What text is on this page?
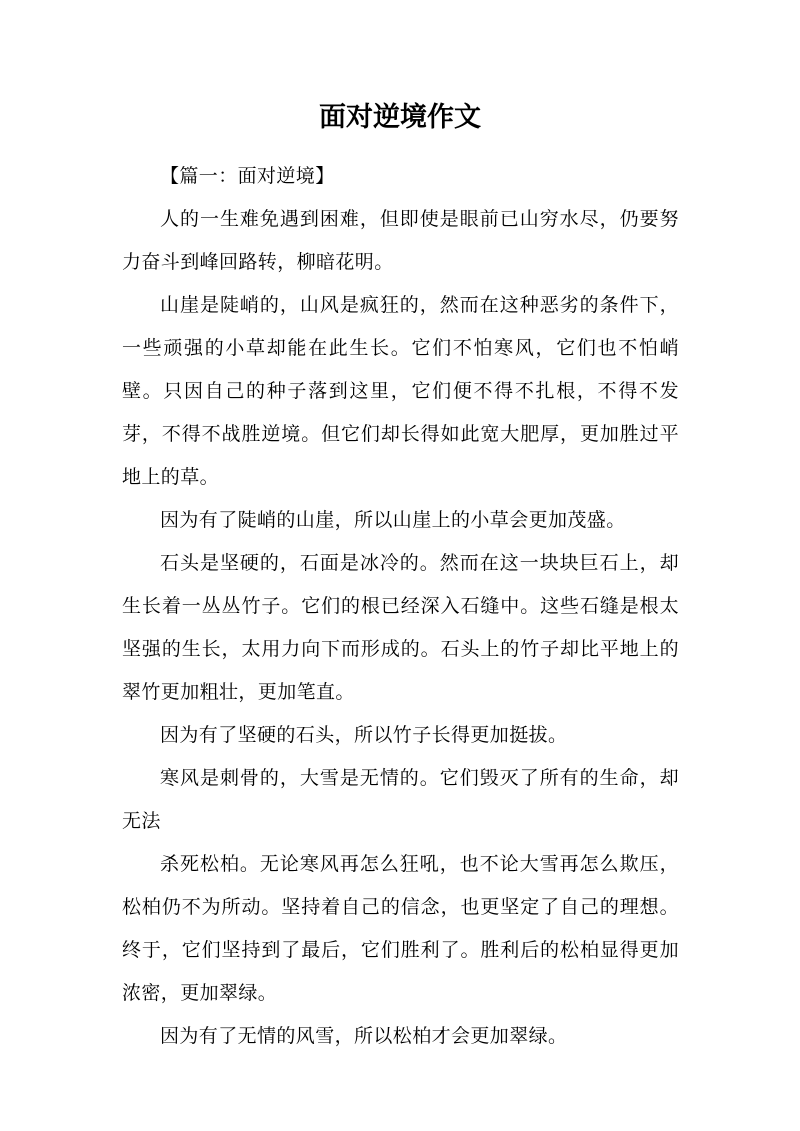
面对逆境作文

【篇一：面对逆境】

人的一生难免遇到困难，但即使是眼前已山穷水尽，仍要努力奋斗到峰回路转，柳暗花明。

山崖是陡峭的，山风是疯狂的，然而在这种恶劣的条件下，一些顽强的小草却能在此生长。它们不怕寒风，它们也不怕峭壁。只因自己的种子落到这里，它们便不得不扎根，不得不发芽，不得不战胜逆境。但它们却长得如此宽大肥厚，更加胜过平地上的草。

因为有了陡峭的山崖，所以山崖上的小草会更加茂盛。

石头是坚硬的，石面是冰冷的。然而在这一块块巨石上，却生长着一丛丛竹子。它们的根已经深入石缝中。这些石缝是根太坚强的生长，太用力向下而形成的。石头上的竹子却比平地上的翠竹更加粗壮，更加笔直。

因为有了坚硬的石头，所以竹子长得更加挺拔。

寒风是刺骨的，大雪是无情的。它们毁灭了所有的生命，却无法

杀死松柏。无论寒风再怎么狂吼，也不论大雪再怎么欺压，松柏仍不为所动。坚持着自己的信念，也更坚定了自己的理想。终于，它们坚持到了最后，它们胜利了。胜利后的松柏显得更加浓密，更加翠绿。

因为有了无情的风雪，所以松柏才会更加翠绿。
